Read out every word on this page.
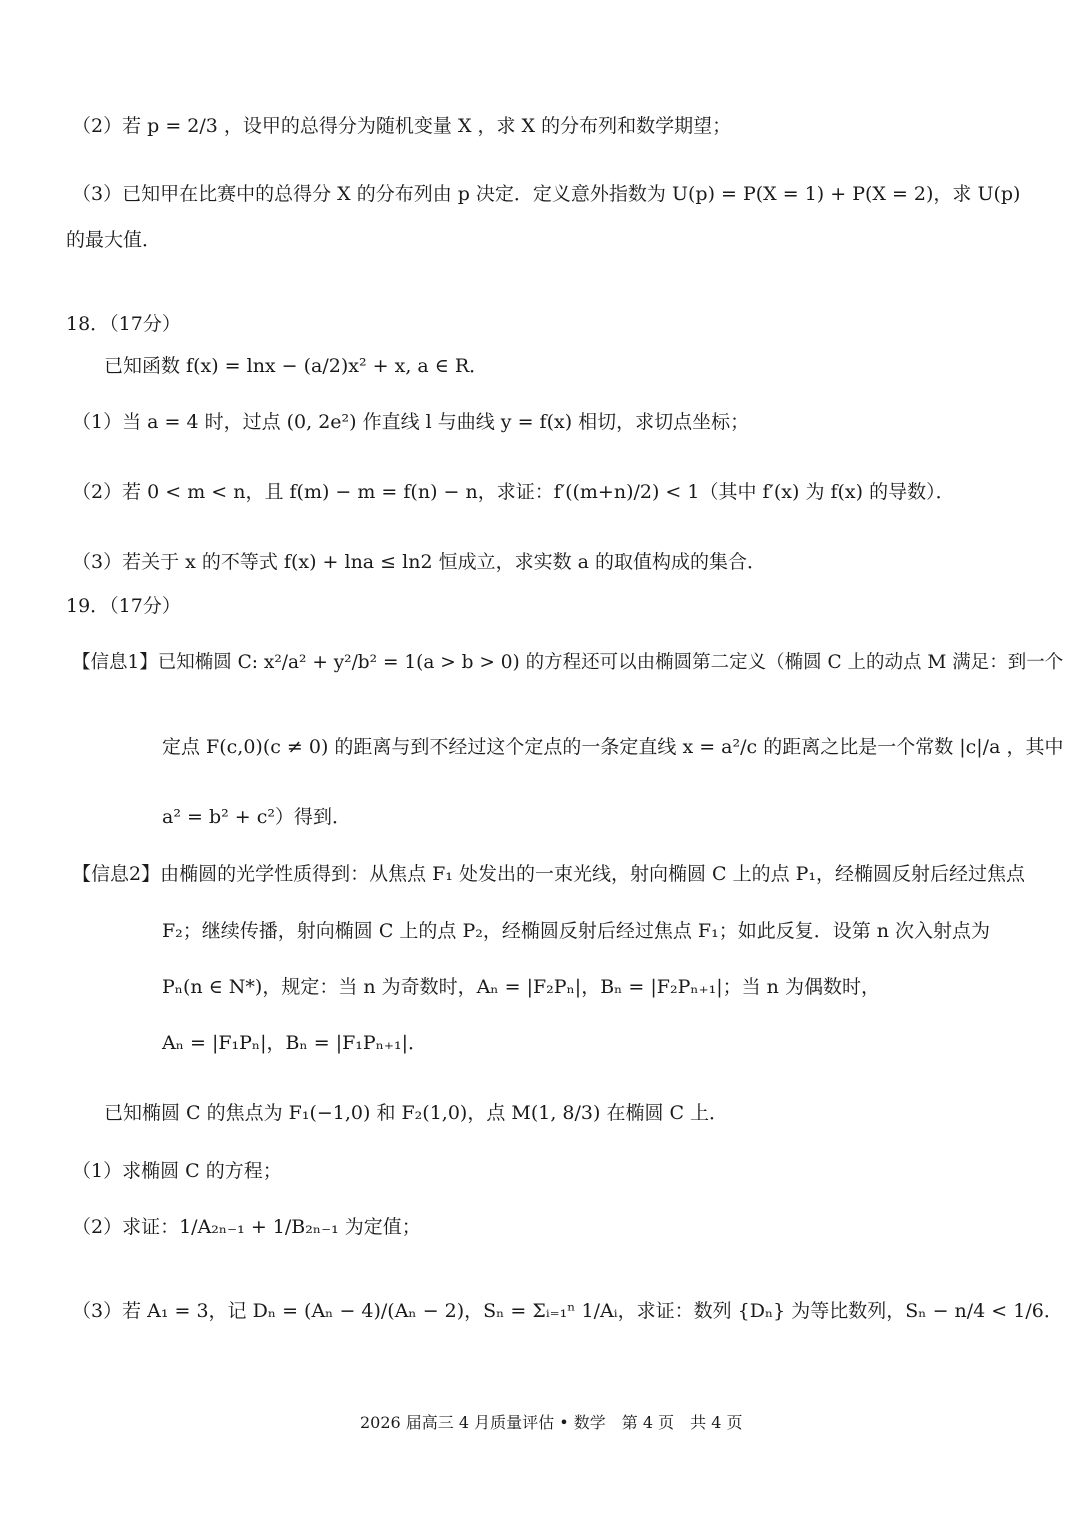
（2）若 p = 2/3 ，设甲的总得分为随机变量 X ，求 X 的分布列和数学期望；
（3）已知甲在比赛中的总得分 X 的分布列由 p 决定．定义意外指数为 U(p) = P(X = 1) + P(X = 2)，求 U(p)
的最大值．
18．（17分）
已知函数 f(x) = lnx − (a/2)x² + x, a ∈ R．
（1）当 a = 4 时，过点 (0, 2e²) 作直线 l 与曲线 y = f(x) 相切，求切点坐标；
（2）若 0 < m < n，且 f(m) − m = f(n) − n，求证：f′((m+n)/2) < 1（其中 f′(x) 为 f(x) 的导数）．
（3）若关于 x 的不等式 f(x) + lna ≤ ln2 恒成立，求实数 a 的取值构成的集合．
19．（17分）
【信息1】已知椭圆 C: x²/a² + y²/b² = 1(a > b > 0) 的方程还可以由椭圆第二定义（椭圆 C 上的动点 M 满足：到一个
定点 F(c,0)(c ≠ 0) 的距离与到不经过这个定点的一条定直线 x = a²/c 的距离之比是一个常数 |c|/a ，其中
a² = b² + c²）得到．
【信息2】由椭圆的光学性质得到：从焦点 F₁ 处发出的一束光线，射向椭圆 C 上的点 P₁，经椭圆反射后经过焦点
F₂；继续传播，射向椭圆 C 上的点 P₂，经椭圆反射后经过焦点 F₁；如此反复．设第 n 次入射点为
Pₙ(n ∈ N*)，规定：当 n 为奇数时，Aₙ = |F₂Pₙ|，Bₙ = |F₂Pₙ₊₁|；当 n 为偶数时，
Aₙ = |F₁Pₙ|，Bₙ = |F₁Pₙ₊₁|．
已知椭圆 C 的焦点为 F₁(−1,0) 和 F₂(1,0)，点 M(1, 8/3) 在椭圆 C 上．
（1）求椭圆 C 的方程；
（2）求证：1/A₂ₙ₋₁ + 1/B₂ₙ₋₁ 为定值；
（3）若 A₁ = 3，记 Dₙ = (Aₙ − 4)/(Aₙ − 2)，Sₙ = Σᵢ₌₁ⁿ 1/Aᵢ，求证：数列 {Dₙ} 为等比数列，Sₙ − n/4 < 1/6．
2026 届高三 4 月质量评估 • 数学　第 4 页　共 4 页
